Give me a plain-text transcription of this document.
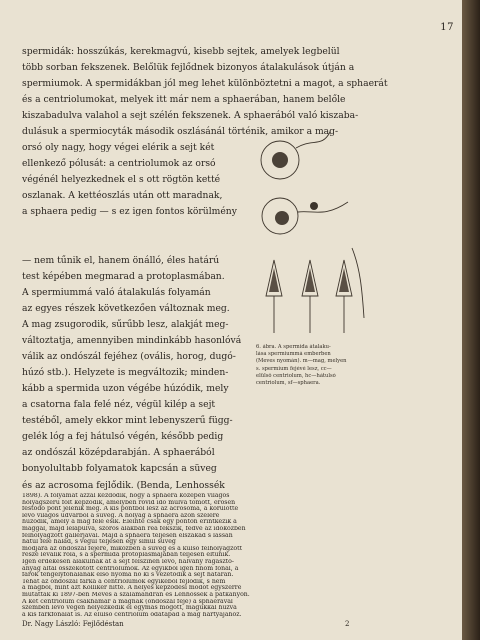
17
spermidák: hosszúkás, kerekmagvú, kisebb sejtek, amelyek legbelül
több sorban fekszenek. Belőlük fejlődnek bizonyos átalakulások útján a
spermiumok. A spermidákban jól meg lehet különböztetni a magot, a sphaerát
és a centriolumokat, melyek itt már nem a sphaerában, hanem belőle
kiszabadulva valahol a sejt szélén fekszenek. A sphaerából való kiszaba-
dulásuk a spermiocyták második oszlásánál történik, amikor a mag-
orsó oly nagy, hogy végei elérik a sejt két
ellenkező pólusát: a centriolumok az orsó
végénél helyezkednek el s ott rögtön ketté
oszlanak. A kettéoszlás után ott maradnak,
a sphaera pedig — s ez igen fontos körülmény
— nem tűnik el, hanem önálló, éles határú
test képében megmarad a protoplasmában.
A spermiummá való átalakulás folyamán
az egyes részek következően változnak meg.
A mag zsugorodik, sűrűbb lesz, alakját meg-
változtatja, amennyiben mindinkább hasonlóvá
válik az ondószál fejéhez (ovális, horog, dugó-
húzó stb.). Helyzete is megváltozik; minden-
kább a spermida uzon végébe húzódik, mely
a csatorna fala felé néz, végül kilép a sejt
testéből, amely ekkor mint lebenyszerű függ-
gelék lóg a fej hátulsó végén, később pedig
az ondószál középdarabján. A sphaerából
bonyolultabb folyamatok kapcsán a süveg
és az acrosoma fejlődik. (Benda, Lenhossék
6. ábra. A spermida átalaku-
lása spermiummá emberben
(Meves nyomán). m—mag, melyen
s. spermium fejévé lesz, cc—
elülső centriolum, hc—hátulsó
centriolum, sf—sphaera.
Dr. Nagy László: Fejlődéstan	2
1898). A folyamat azzal kezdődik, hogy a sphaera közepén világos
hólyagszerű folt képződik, amelyben rövid idő mulva tömött, erősen
festődő pont jelenik meg. A kis pontból lesz az acrosoma, a körülötte
levő világos udvarból a süveg. A hólyag a sphaera azon szélére
húzódik, amely a mag felé esik. Eleinte csak egy ponton érintkezik a
maggal, majd lelapulva, szoros alakban reá fekszik, fedve az időközben
felhólyagzott gallérjával. Majd a sphaera teljesen elszakad s lassan
hátul felé halad, s végül teljesen egy simul süveg
módjára az ondószál fejére, miközben a süveg és a külső felhólyagzott
része leválik róla, s a spermida protoplasmájában teljesen eltűnik.
Igen érdekesen alakulnak át a sejt felszínén levő, halvány ragasztó-
anyag által összekötött centriolumok. Az egyikből igen finom fonal, a
farok tengelyfonalának első nyoma nő ki s vezetődik a sejt határán.
Tehát az ondószál farka a centriolumok egyikéből fejlődik, s nem
a magból, mint azt Kölliker hitte. A helyes képződési módot egyszerre
mutatták ki 1897-ben Meves a szalamandrán és Lenhossék a patkányon.
A két centriolum csakhamar a magnak (ondószál feje) a sphaerával
szemben levő végén helyezkedik el egymás mögött, magukkal húzva
a kis farkfonalat is. Az elülső centriolum odatapad a mag hártyájához.
